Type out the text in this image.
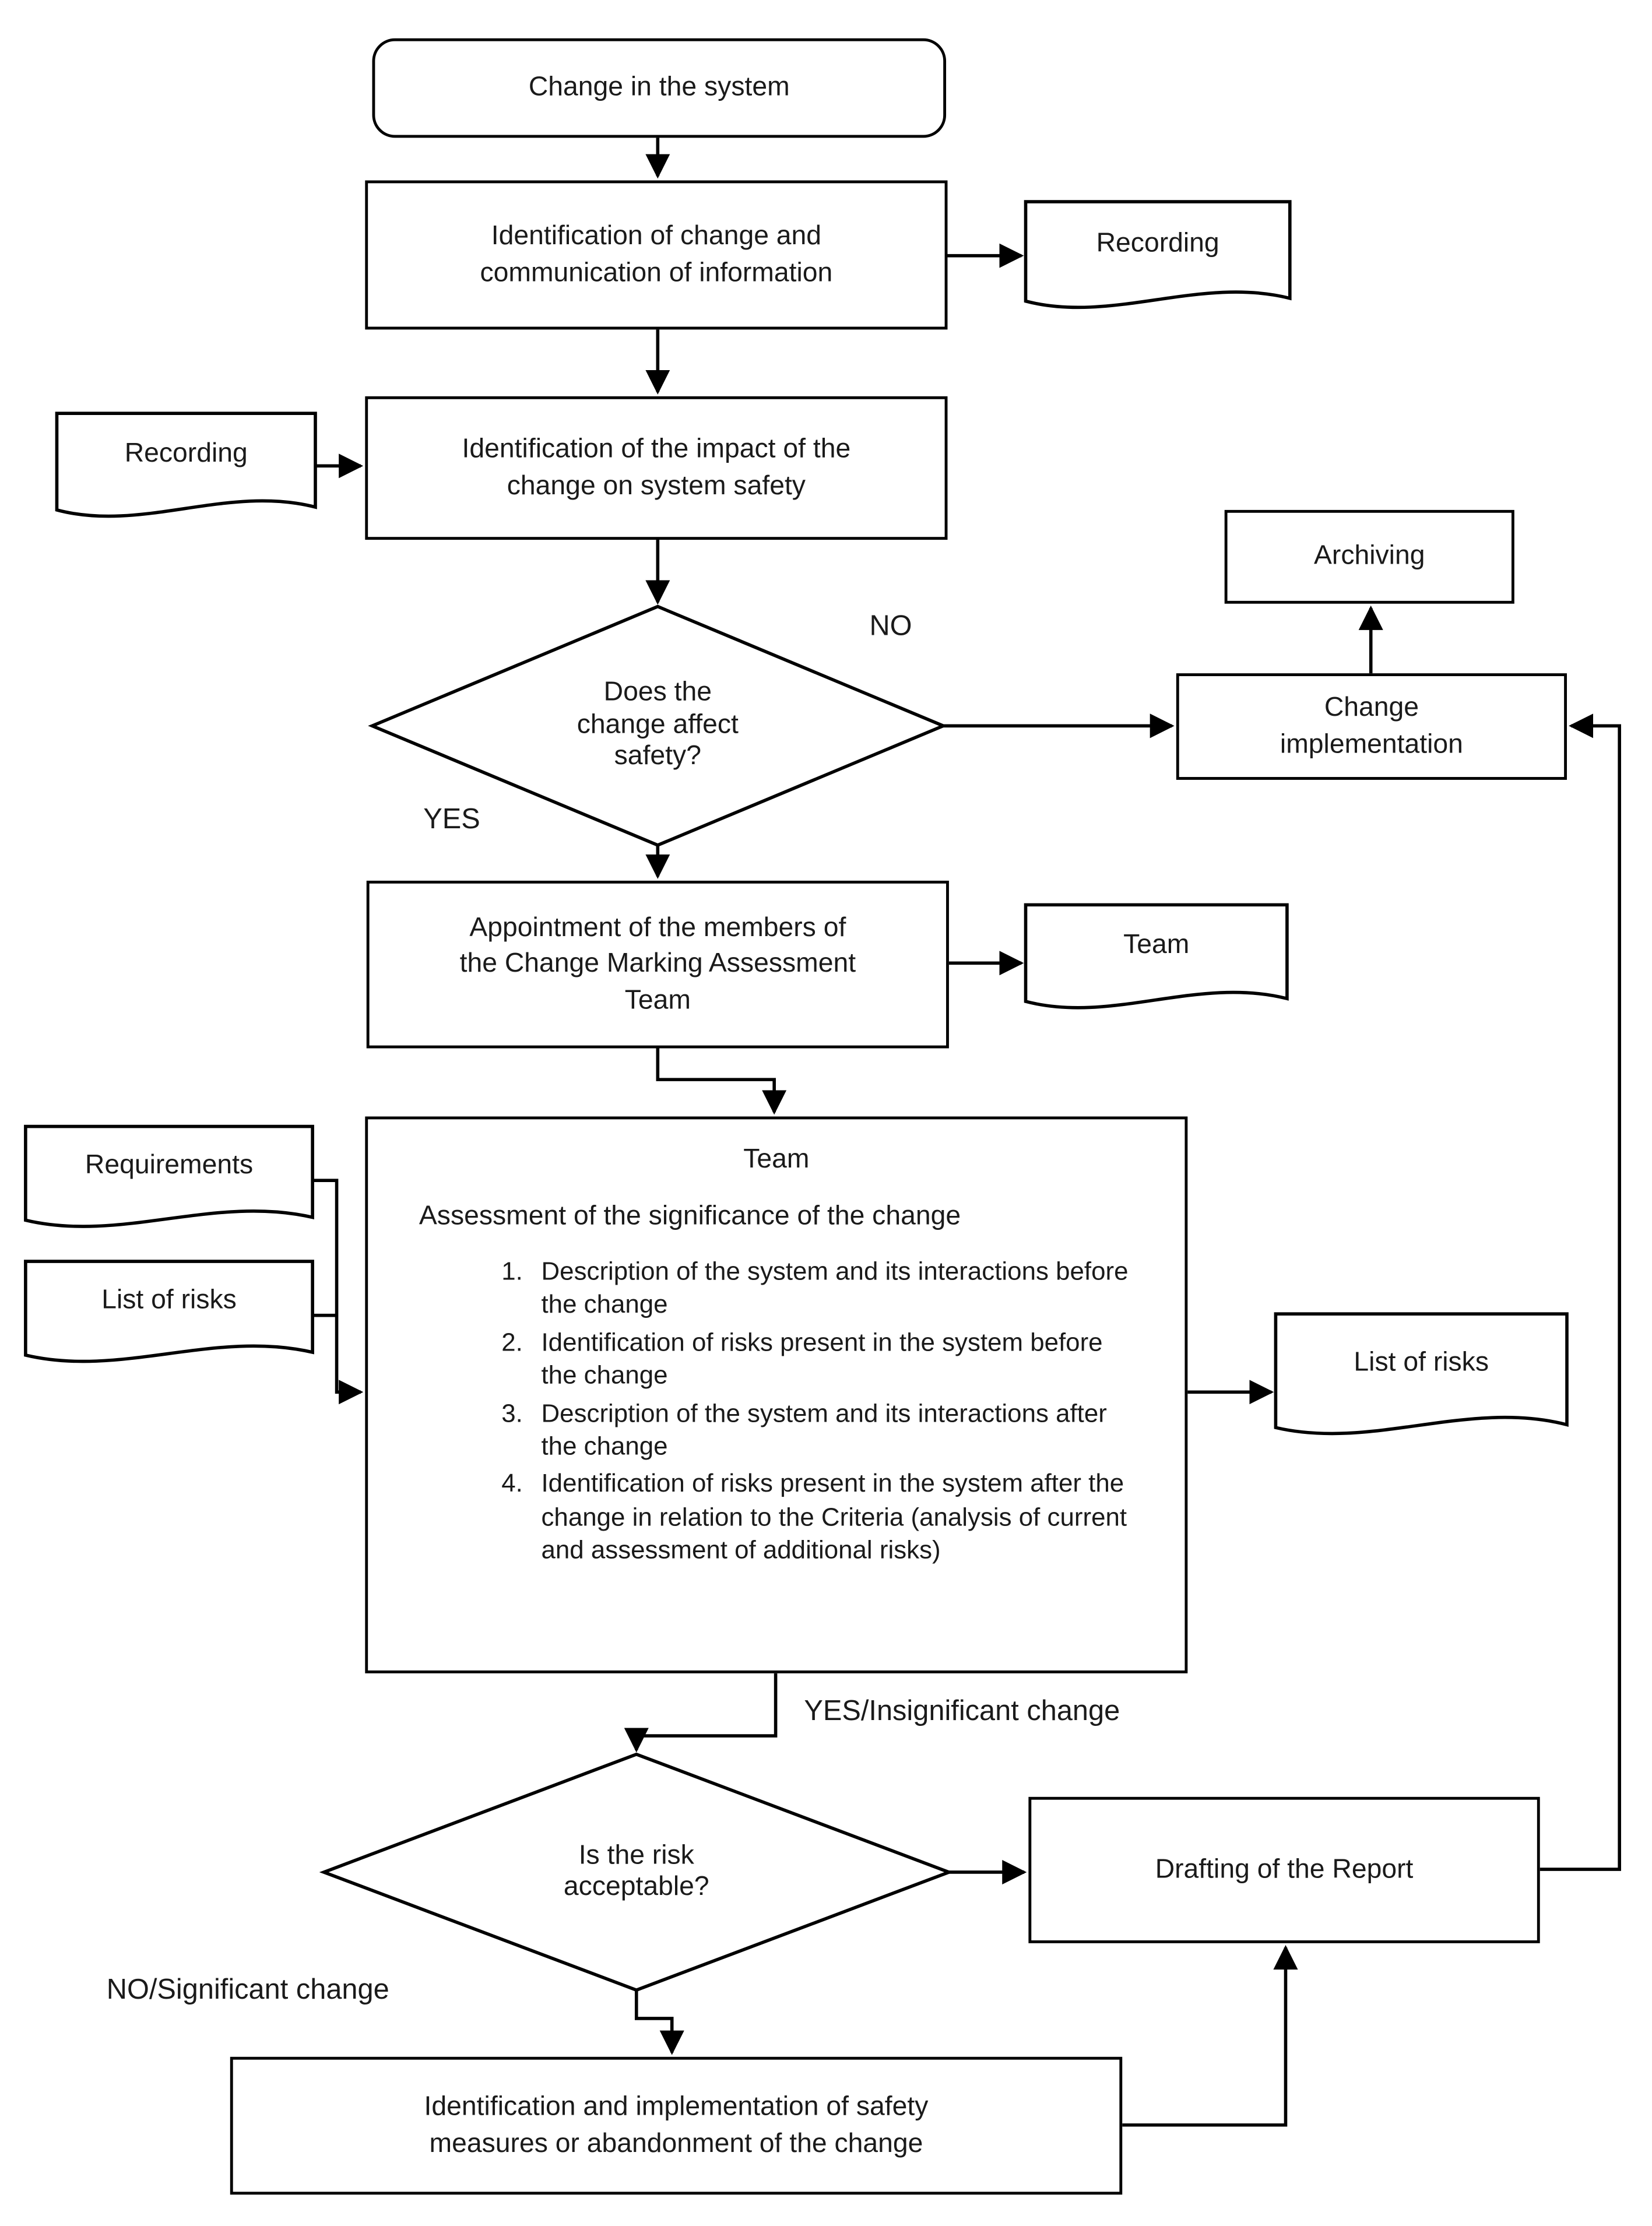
Change in the system
Identification of change and communication of information
Identification of the impact of the change on system safety
Archiving
Change
implementation
Appointment of the members of the Change Marking Assessment Team
Team
Assessment of the significance of the change
1. Description of the system and its interactions before the change
2. Identification of risks present in the system before the change
3. Description of the system and its interactions after the change
4. Identification of risks present in the system after the change in relation to the Criteria (analysis of current and assessment of additional risks)
Drafting of the Report
Identification and implementation of safety measures or abandonment of the change
Recording
Recording
Team
Requirements
List of risks
List of risks
Does the
change affect
safety?
Is the risk
acceptable?
NO
YES
YES/Insignificant change
NO/Significant change
